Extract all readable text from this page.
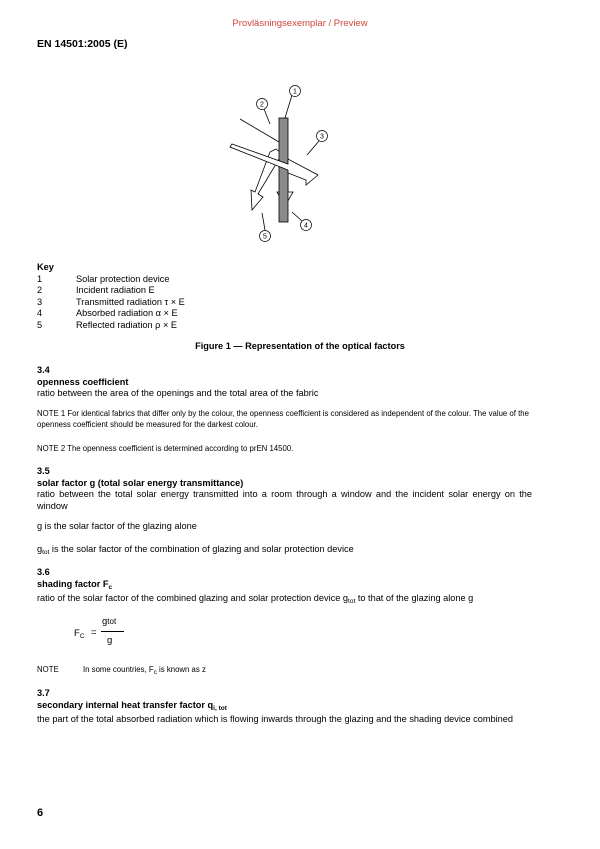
Provläsningsexemplar / Preview
EN 14501:2005 (E)
1
2
3
4
5
Key
1	Solar protection device
2	Incident radiation E
3	Transmitted radiation τ × E
4	Absorbed radiation α × E
5	Reflected radiation ρ × E
Figure 1 — Representation of the optical factors
3.4
openness coefficient
ratio between the area of the openings and the total area of the fabric
NOTE 1 For identical fabrics that differ only by the colour, the openness coefficient is considered as independent of the colour. The value of the openness coefficient should be measured for the darkest colour.
NOTE 2 The openness coefficient is determined according to prEN 14500.
3.5
solar factor g (total solar energy transmittance)
ratio between the total solar energy transmitted into a room through a window and the incident solar energy on the window
g is the solar factor of the glazing alone
$g_{tot}$ is the solar factor of the combination of glazing and solar protection device
3.6
shading factor $F_c$
ratio of the solar factor of the combined glazing and solar protection device $g_{tot}$ to that of the glazing alone g
$F_C$ =
gtot
g
NOTE	In some countries, $F_c$ is known as z
3.7
secondary internal heat transfer factor $q_{i, tot}$
the part of the total absorbed radiation which is flowing inwards through the glazing and the shading device combined
6
